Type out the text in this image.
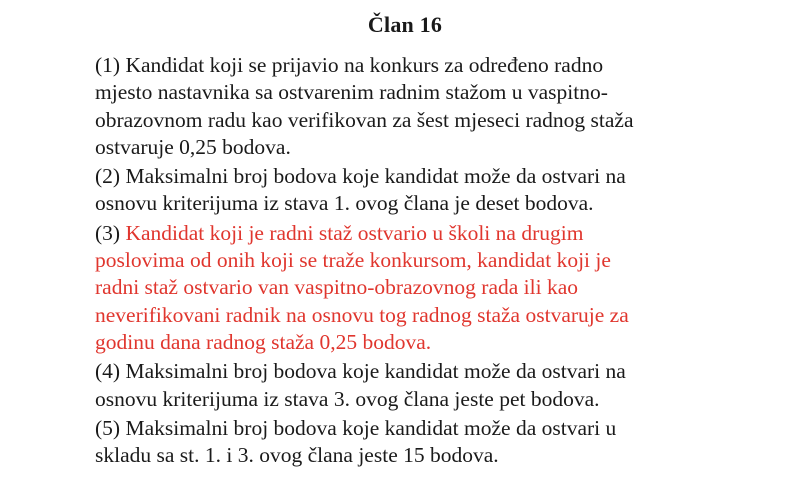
Član 16
(1) Kandidat koji se prijavio na konkurs za određeno radno
mjesto nastavnika sa ostvarenim radnim stažom u vaspitno-
obrazovnom radu kao verifikovan za šest mjeseci radnog staža
ostvaruje 0,25 bodova.
(2) Maksimalni broj bodova koje kandidat može da ostvari na
osnovu kriterijuma iz stava 1. ovog člana je deset bodova.
(3) Kandidat koji je radni staž ostvario u školi na drugim
poslovima od onih koji se traže konkursom, kandidat koji je
radni staž ostvario van vaspitno-obrazovnog rada ili kao
neverifikovani radnik na osnovu tog radnog staža ostvaruje za
godinu dana radnog staža 0,25 bodova.
(4) Maksimalni broj bodova koje kandidat može da ostvari na
osnovu kriterijuma iz stava 3. ovog člana jeste pet bodova.
(5) Maksimalni broj bodova koje kandidat može da ostvari u
skladu sa st. 1. i 3. ovog člana jeste 15 bodova.
